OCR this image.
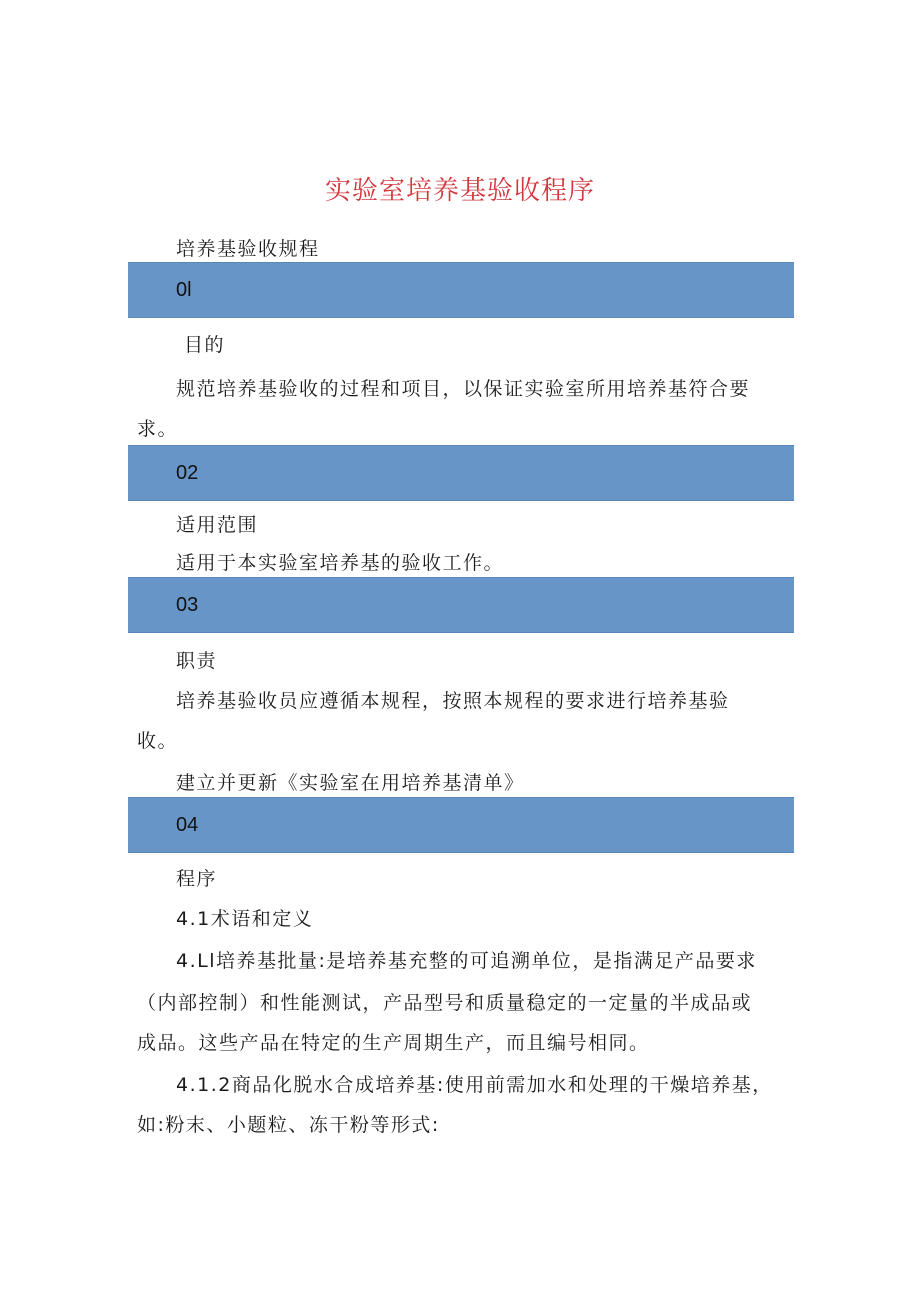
实验室培养基验收程序
培养基验收规程
0l
目的
规范培养基验收的过程和项目，以保证实验室所用培养基符合要
求。
02
适用范围
适用于本实验室培养基的验收工作。
03
职责
培养基验收员应遵循本规程，按照本规程的要求进行培养基验
收。
建立并更新《实验室在用培养基清单》
04
程序
4.1术语和定义
4.Ll培养基批量:是培养基充整的可追溯单位，是指满足产品要求
（内部控制）和性能测试，产品型号和质量稳定的一定量的半成品或
成品。这些产品在特定的生产周期生产，而且编号相同。
4.1.2商品化脱水合成培养基:使用前需加水和处理的干燥培养基，
如:粉末、小题粒、冻干粉等形式:
